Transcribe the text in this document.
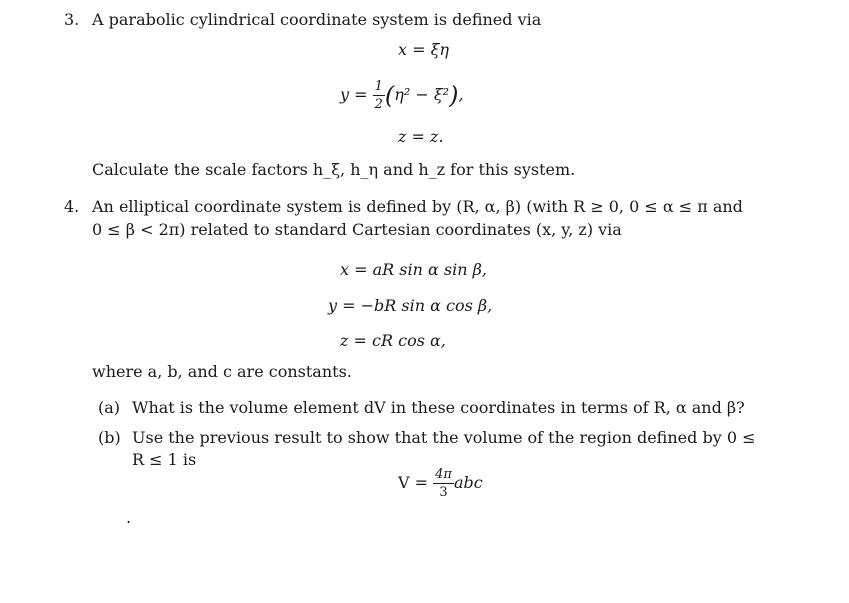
3. A parabolic cylindrical coordinate system is defined via
x = ξη
$y = \frac{1}{2} (\eta^2 - \xi^2)$,
z = z.
Calculate the scale factors h_ξ, h_η and h_z for this system.
4. An elliptical coordinate system is defined by (R, α, β) (with R ≥ 0, 0 ≤ α ≤ π and
0 ≤ β < 2π) related to standard Cartesian coordinates (x, y, z) via
x = aR sin α sin β,
y = −bR sin α cos β,
z = cR cos α,
where a, b, and c are constants.
(a) What is the volume element dV in these coordinates in terms of R, α and β?
(b) Use the previous result to show that the volume of the region defined by 0 ≤
R ≤ 1 is
$V = \frac{4\pi}{3}$ abc
.
